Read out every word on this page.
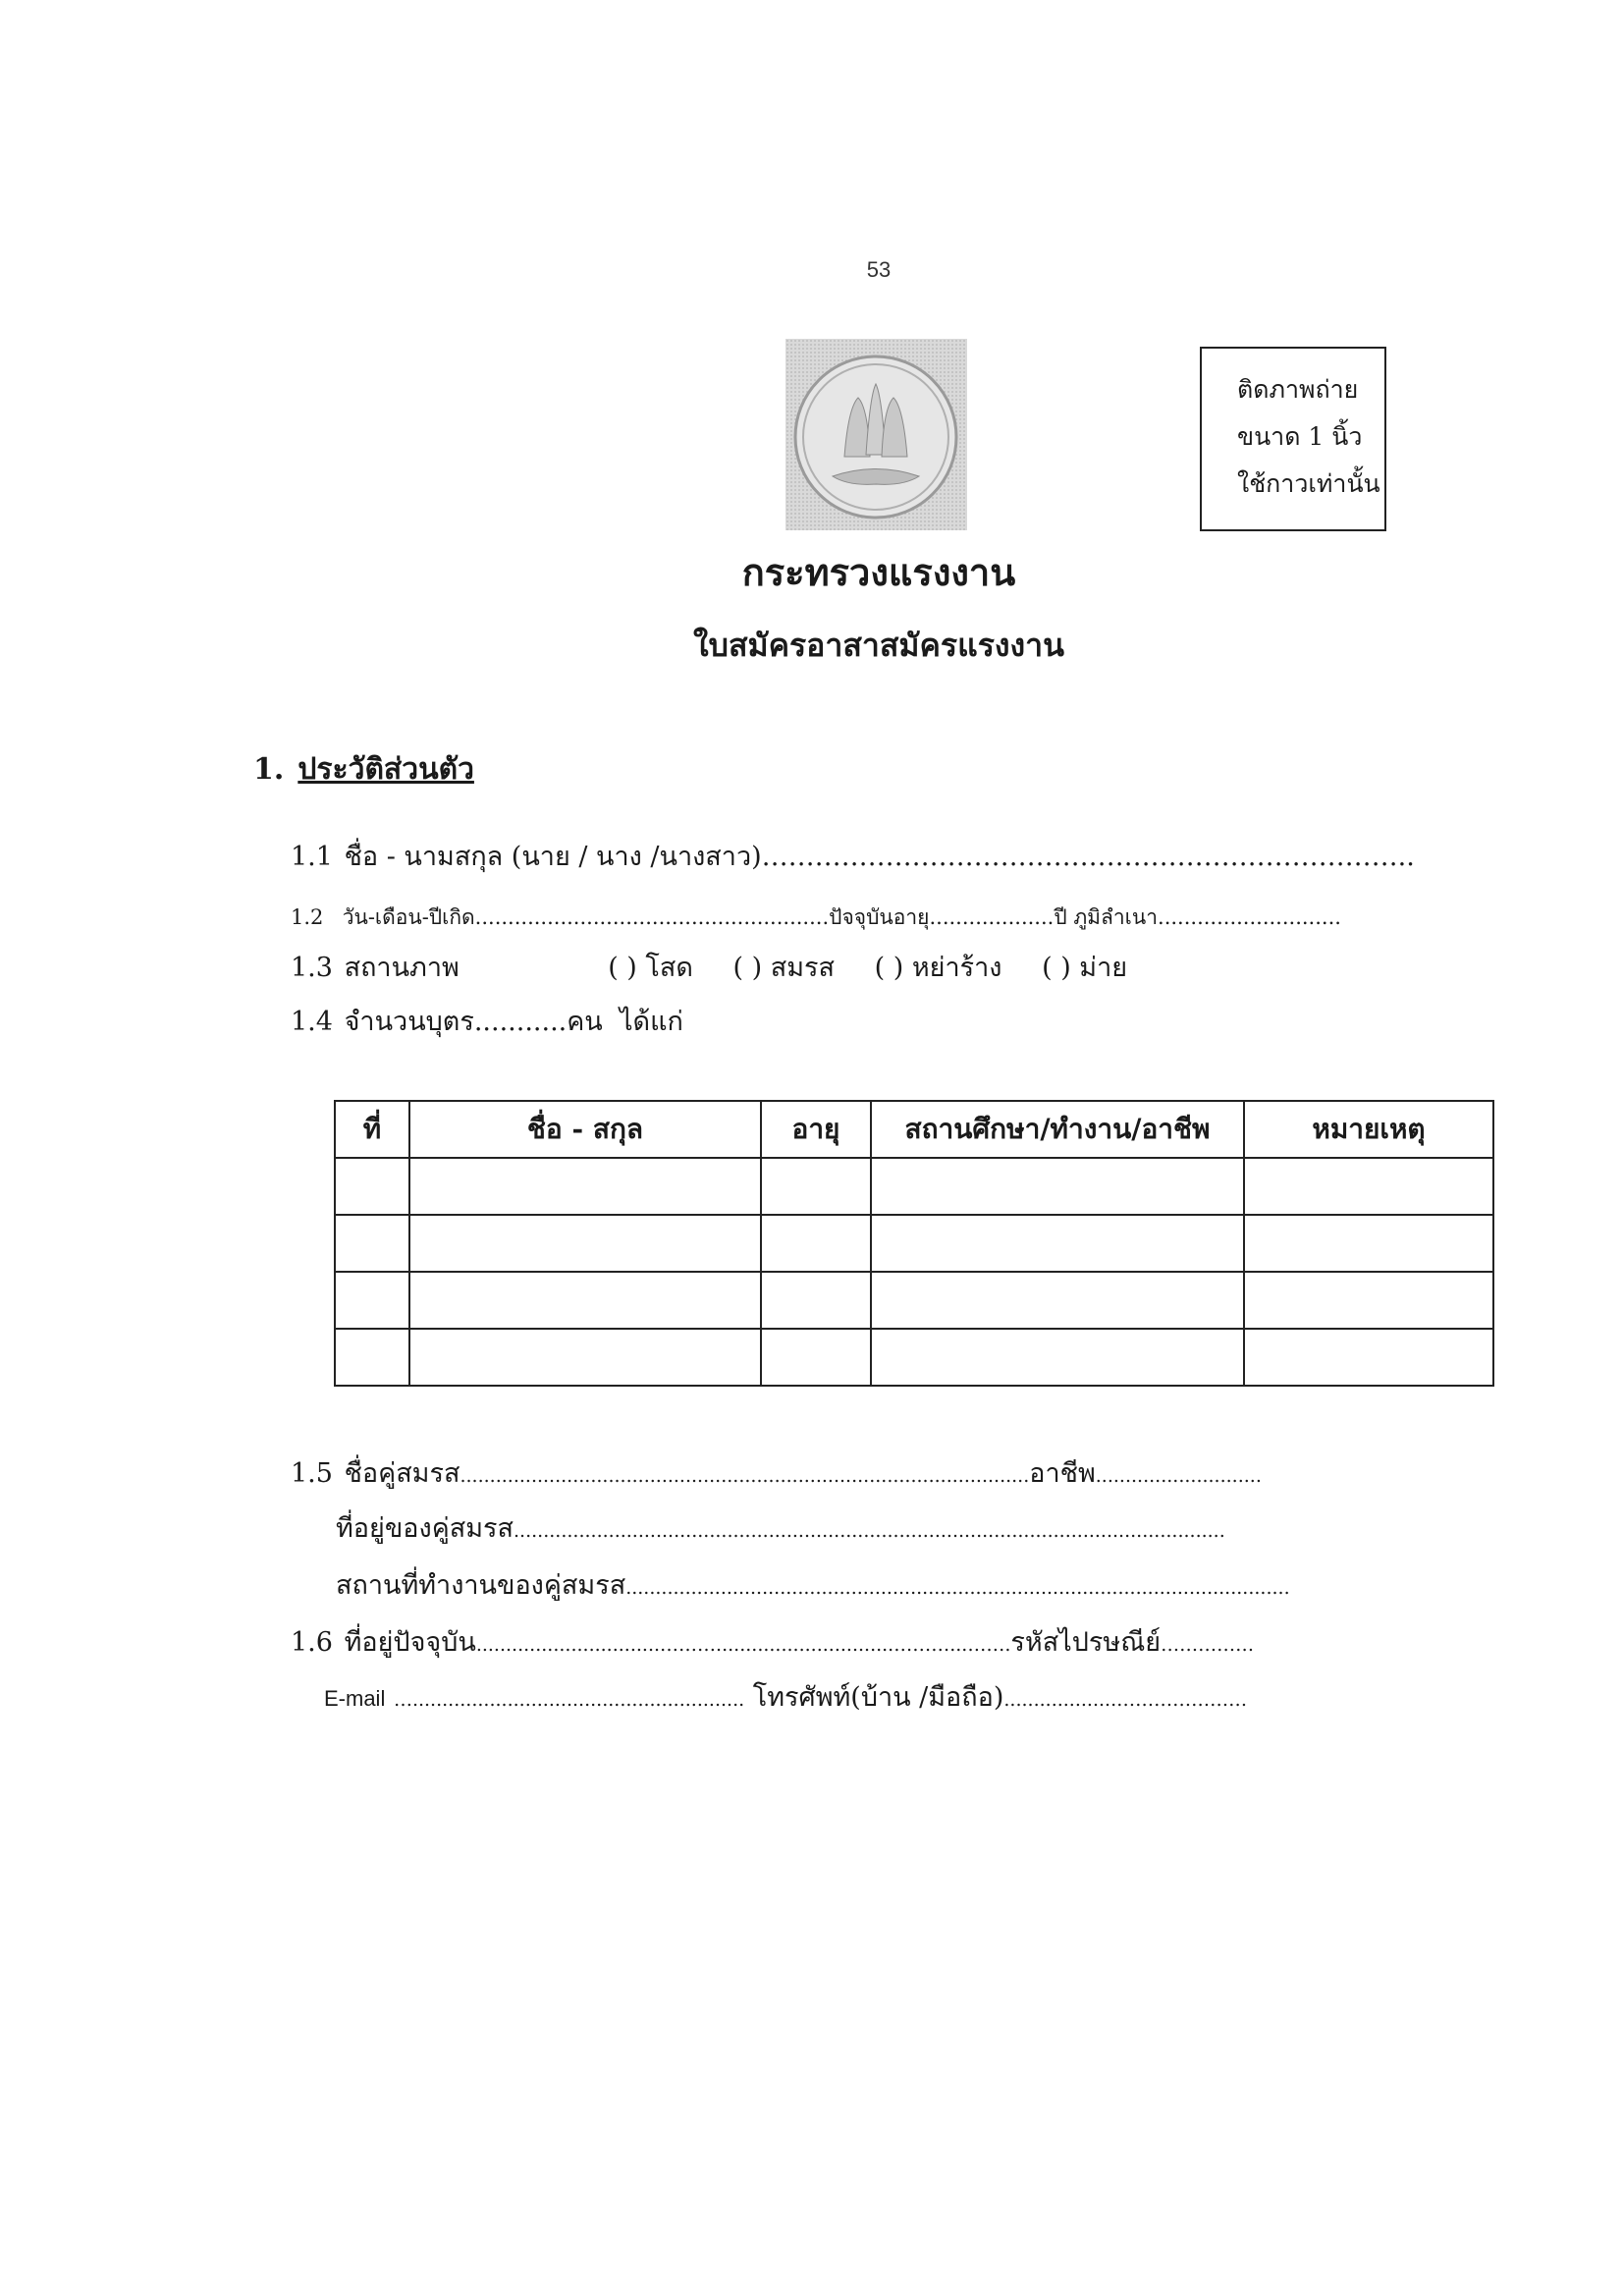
53
ติดภาพถ่าย
ขนาด 1 นิ้ว
ใช้กาวเท่านั้น
กระทรวงแรงงาน
ใบสมัครอาสาสมัครแรงงาน
1. ประวัติส่วนตัว
1.1 ชื่อ - นามสกุล (นาย / นาง /นางสาว)………………………………………………………………..
1.2 วัน-เดือน-ปีเกิด......................................................ปัจจุบันอายุ...................ปี ภูมิลำเนา............................
1.3 สถานภาพ	( ) โสด ( ) สมรส ( ) หย่าร้าง ( ) ม่าย
1.4 จำนวนบุตร...........คน ได้แก่
ที่	ชื่อ - สกุล	อายุ	สถานศึกษา/ทำงาน/อาชีพ	หมายเหตุ

1.5 ชื่อคู่สมรส................................................................................................อาชีพ............................
ที่อยู่ของคู่สมรส........................................................................................................................
สถานที่ทำงานของคู่สมรส................................................................................................................
1.6 ที่อยู่ปัจจุบัน...............................………..............................………...…….รหัสไปรษณีย์……………
E-mail …........................................................ โทรศัพท์(บ้าน /มือถือ)...................…………………
